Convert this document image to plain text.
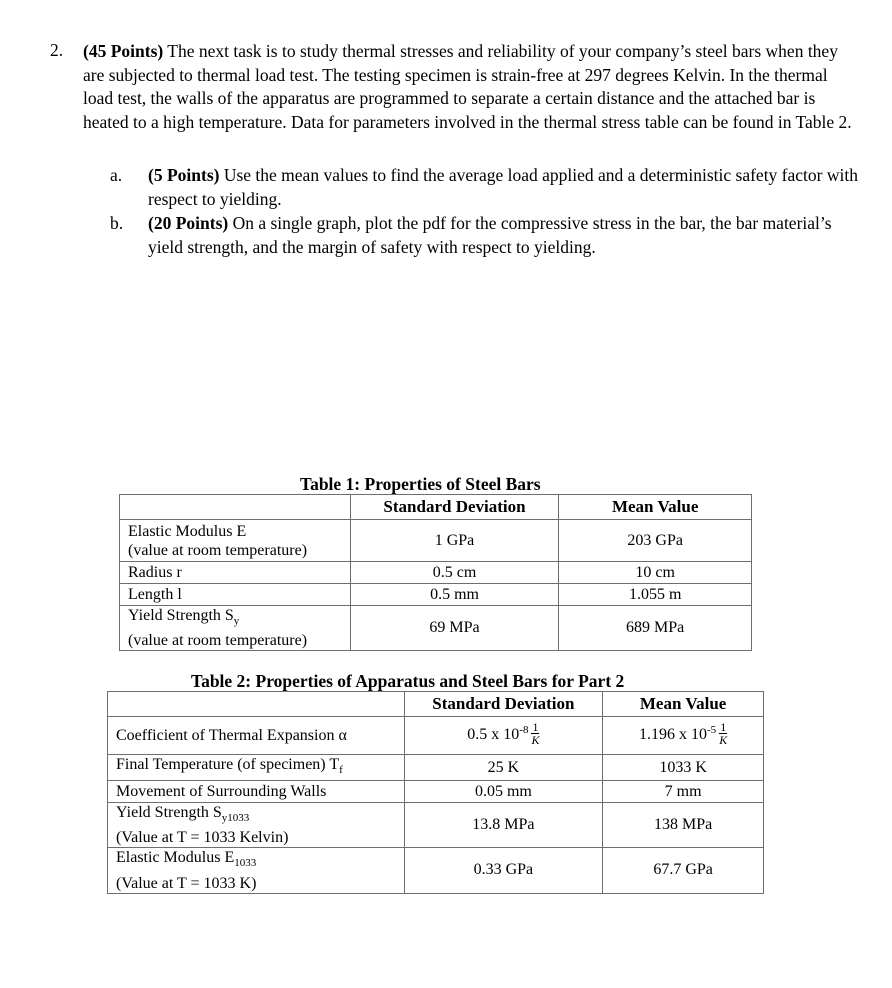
2.	(45 Points) The next task is to study thermal stresses and reliability of your company’s steel bars when they are subjected to thermal load test. The testing specimen is strain-free at 297 degrees Kelvin. In the thermal load test, the walls of the apparatus are programmed to separate a certain distance and the attached bar is heated to a high temperature. Data for parameters involved in the thermal stress table can be found in Table 2.
a.	(5 Points) Use the mean values to find the average load applied and a deterministic safety factor with respect to yielding.
b.	(20 Points) On a single graph, plot the pdf for the compressive stress in the bar, the bar material’s yield strength, and the margin of safety with respect to yielding.
Table 1: Properties of Steel Bars
	Standard Deviation	Mean Value
Elastic Modulus E
(value at room temperature)	1 GPa	203 GPa
Radius r	0.5 cm	10 cm
Length l	0.5 mm	1.055 m
Yield Strength $S_y$
(value at room temperature)	69 MPa	689 MPa
Table 2: Properties of Apparatus and Steel Bars for Part 2
	Standard Deviation	Mean Value
Coefficient of Thermal Expansion α	0.5 x $10^{-8} \frac{1}{K}$	1.196 x $10^{-5} \frac{1}{K}$

Final Temperature (of specimen) $T_f$	25 K	1033 K
Movement of Surrounding Walls	0.05 mm	7 mm
Yield Strength $S_{y1033}$
(Value at T = 1033 Kelvin)	13.8 MPa	138 MPa
Elastic Modulus $E_{1033}$
(Value at T = 1033 K)	0.33 GPa	67.7 GPa
